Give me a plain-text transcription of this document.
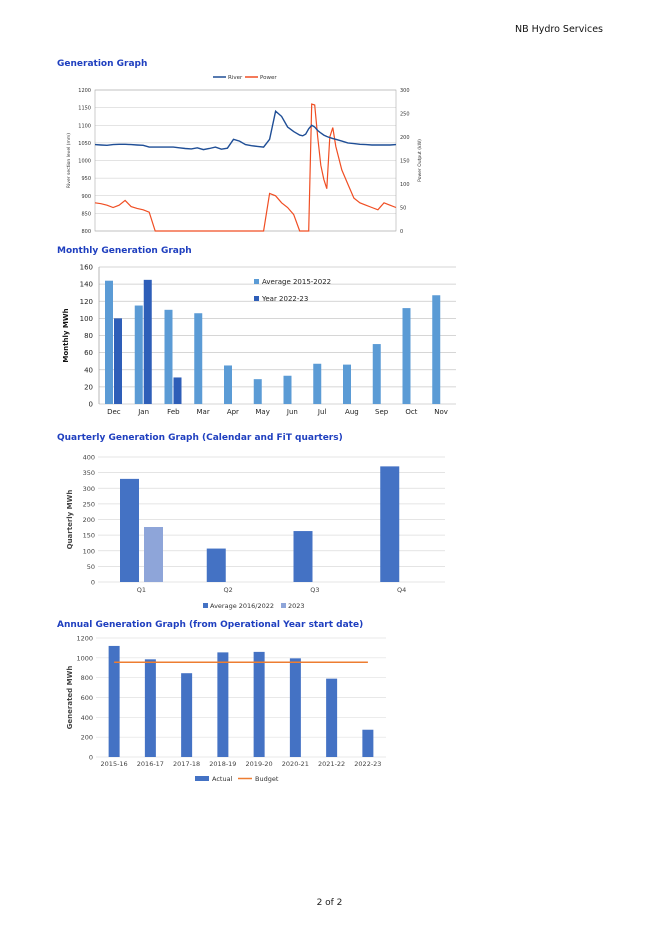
NB Hydro Services
Generation Graph
1200
1150
1100
1050
1000
950
900
850
800
300
250
200
150
100
50
0
River section level (mm)	Power Output (kW)
River	Power
Monthly Generation Graph
0
20
40
60
80
100
120
140
160
Monthly MWh
Dec	Jan	Feb Mar Apr May Jun	Jul	Aug Sep Oct Nov
Average 2015-2022
Year 2022-23
Quarterly Generation Graph (Calendar and FiT quarters)
0
50
100
150
200
250
300
350
400
Quarterly MWh
Q1	Q2	Q3	Q4
Average 2016/2022 2023
Annual Generation Graph (from Operational Year start date)
0
200
400
600
800
1000
1200
Generated MWh
2015-16 2016-17 2017-18 2018-19 2019-20 2020-21 2021-22 2022-23
Actual	Budget
2 of 2
